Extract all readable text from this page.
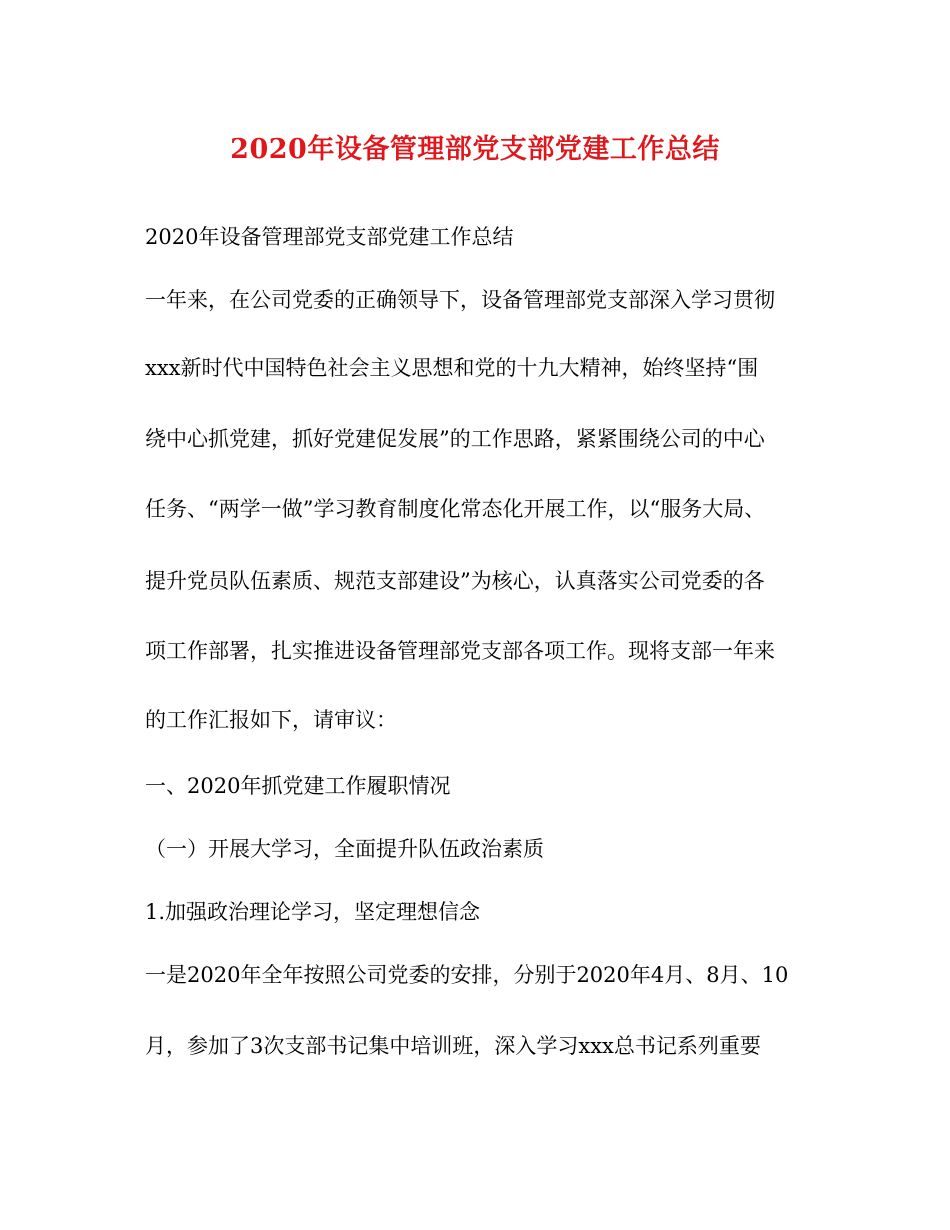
2020年设备管理部党支部党建工作总结

2020年设备管理部党支部党建工作总结

一年来，在公司党委的正确领导下，设备管理部党支部深入学习贯彻

xxx新时代中国特色社会主义思想和党的十九大精神，始终坚持“围

绕中心抓党建，抓好党建促发展”的工作思路，紧紧围绕公司的中心

任务、“两学一做”学习教育制度化常态化开展工作，以“服务大局、

提升党员队伍素质、规范支部建设”为核心，认真落实公司党委的各

项工作部署，扎实推进设备管理部党支部各项工作。现将支部一年来

的工作汇报如下，请审议：

一、2020年抓党建工作履职情况

（一）开展大学习，全面提升队伍政治素质

1.加强政治理论学习，坚定理想信念

一是2020年全年按照公司党委的安排，分别于2020年4月、8月、10

月，参加了3次支部书记集中培训班，深入学习xxx总书记系列重要
